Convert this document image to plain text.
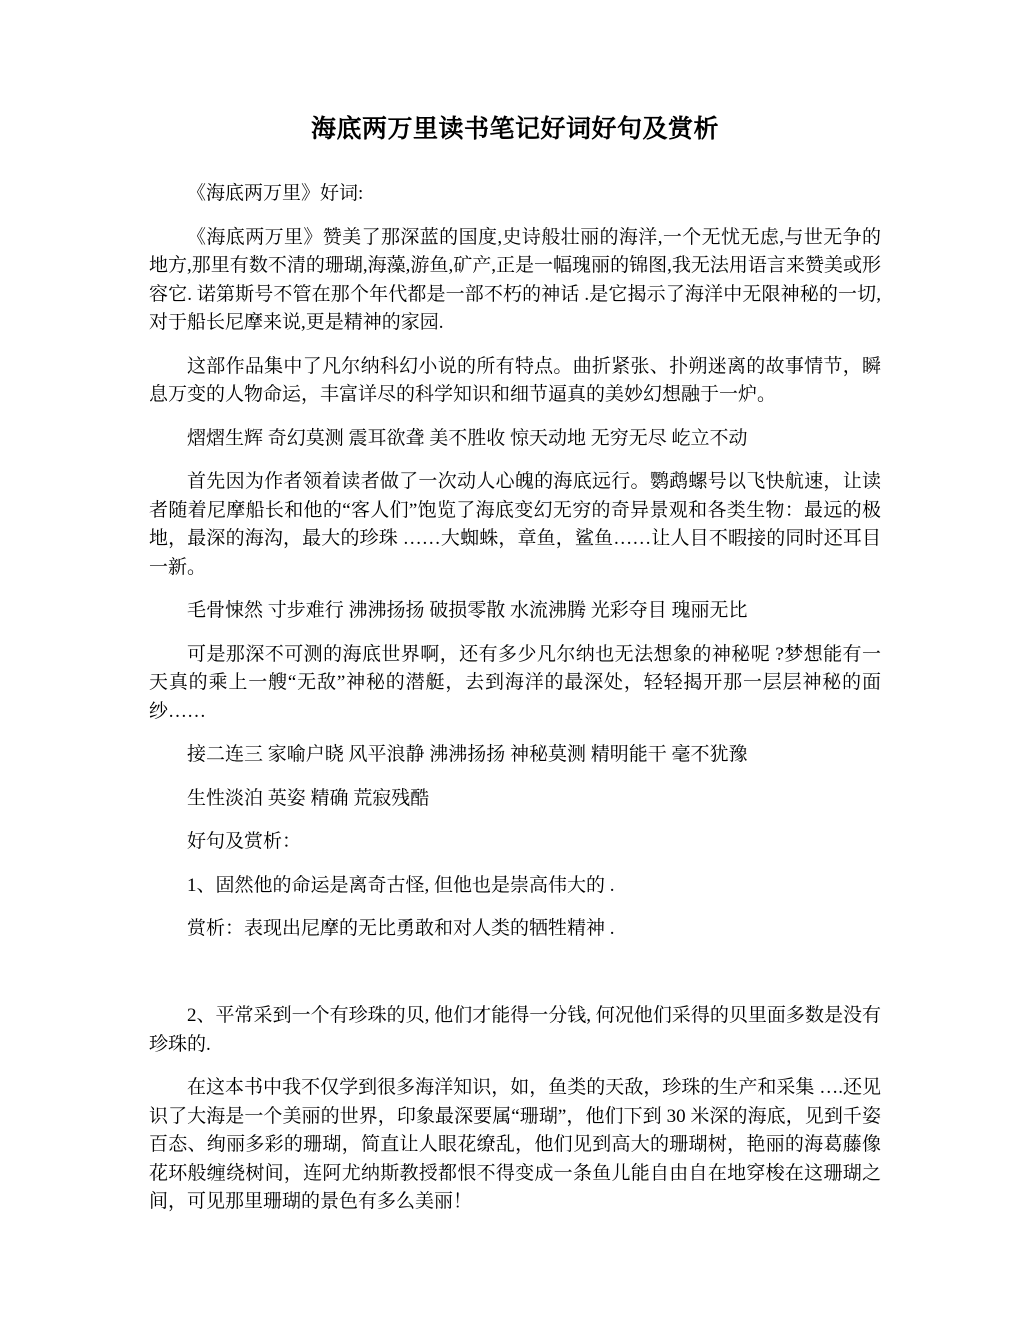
海底两万里读书笔记好词好句及赏析

《海底两万里》好词:

《海底两万里》赞美了那深蓝的国度,史诗般壮丽的海洋,一个无忧无虑,与世无争的地方,那里有数不清的珊瑚,海藻,游鱼,矿产,正是一幅瑰丽的锦图,我无法用语言来赞美或形容它. 诺第斯号不管在那个年代都是一部不朽的神话 .是它揭示了海洋中无限神秘的一切,对于船长尼摩来说,更是精神的家园.

这部作品集中了凡尔纳科幻小说的所有特点。曲折紧张、扑朔迷离的故事情节，瞬息万变的人物命运，丰富详尽的科学知识和细节逼真的美妙幻想融于一炉。

熠熠生辉 奇幻莫测 震耳欲聋 美不胜收 惊天动地 无穷无尽 屹立不动

首先因为作者领着读者做了一次动人心魄的海底远行。鹦鹉螺号以飞快航速，让读者随着尼摩船长和他的“客人们”饱览了海底变幻无穷的奇异景观和各类生物：最远的极地，最深的海沟，最大的珍珠 ……大蜘蛛，章鱼，鲨鱼……让人目不暇接的同时还耳目一新。

毛骨悚然 寸步难行 沸沸扬扬 破损零散 水流沸腾 光彩夺目 瑰丽无比

可是那深不可测的海底世界啊，还有多少凡尔纳也无法想象的神秘呢 ?梦想能有一天真的乘上一艘“无敌”神秘的潜艇，去到海洋的最深处，轻轻揭开那一层层神秘的面纱……

接二连三 家喻户晓 风平浪静 沸沸扬扬 神秘莫测 精明能干 毫不犹豫

生性淡泊 英姿 精确 荒寂残酷

好句及赏析：

1、固然他的命运是离奇古怪, 但他也是崇高伟大的 .

赏析：表现出尼摩的无比勇敢和对人类的牺牲精神 .

2、平常采到一个有珍珠的贝, 他们才能得一分钱, 何况他们采得的贝里面多数是没有珍珠的.

在这本书中我不仅学到很多海洋知识，如，鱼类的天敌，珍珠的生产和采集 ….还见识了大海是一个美丽的世界，印象最深要属“珊瑚”，他们下到 30 米深的海底，见到千姿百态、绚丽多彩的珊瑚，简直让人眼花缭乱，他们见到高大的珊瑚树，艳丽的海葛藤像花环般缠绕树间，连阿尤纳斯教授都恨不得变成一条鱼儿能自由自在地穿梭在这珊瑚之间，可见那里珊瑚的景色有多么美丽！
